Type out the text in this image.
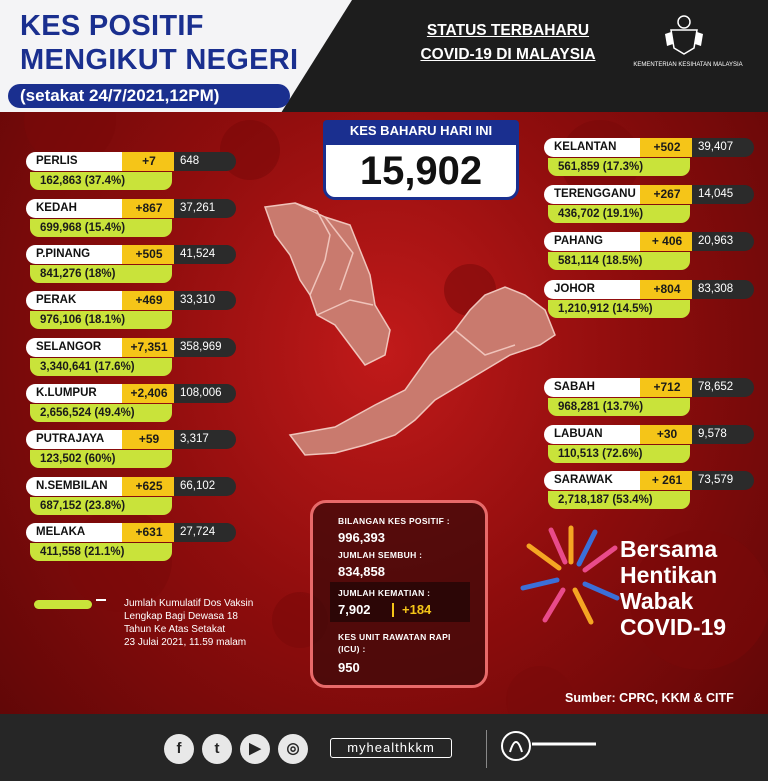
KES POSITIF
MENGIKUT NEGERI
(setakat 24/7/2021,12PM)
STATUS TERBAHARU
COVID-19 DI MALAYSIA
KEMENTERIAN KESIHATAN MALAYSIA
KES BAHARU HARI INI
15,902
PERLIS	+7	648
162,863 (37.4%)
KEDAH	+867	37,261
699,968 (15.4%)
P.PINANG	+505	41,524
841,276 (18%)
PERAK	+469	33,310
976,106 (18.1%)
SELANGOR	+7,351	358,969
3,340,641 (17.6%)
K.LUMPUR	+2,406	108,006
2,656,524 (49.4%)
PUTRAJAYA	+59	3,317
123,502 (60%)
N.SEMBILAN	+625	66,102
687,152 (23.8%)
MELAKA	+631	27,724
411,558 (21.1%)
KELANTAN	+502	39,407
561,859 (17.3%)
TERENGGANU	+267	14,045
436,702 (19.1%)
PAHANG	+ 406	20,963
581,114 (18.5%)
JOHOR	+804	83,308
1,210,912 (14.5%)
SABAH	+712	78,652
968,281 (13.7%)
LABUAN	+30	9,578
110,513 (72.6%)
SARAWAK	+ 261	73,579
2,718,187 (53.4%)
BILANGAN KES POSITIF :
996,393
JUMLAH SEMBUH :
834,858
JUMLAH KEMATIAN :
7,902 +184
KES UNIT RAWATAN RAPI
(ICU) :
950
Jumlah Kumulatif Dos Vaksin
Lengkap Bagi Dewasa 18
Tahun Ke Atas Setakat
23 Julai 2021, 11.59 malam
Bersama
Hentikan
Wabak
COVID-19
Sumber: CPRC, KKM & CITF
f	t	▶	◎	myhealthkkm
